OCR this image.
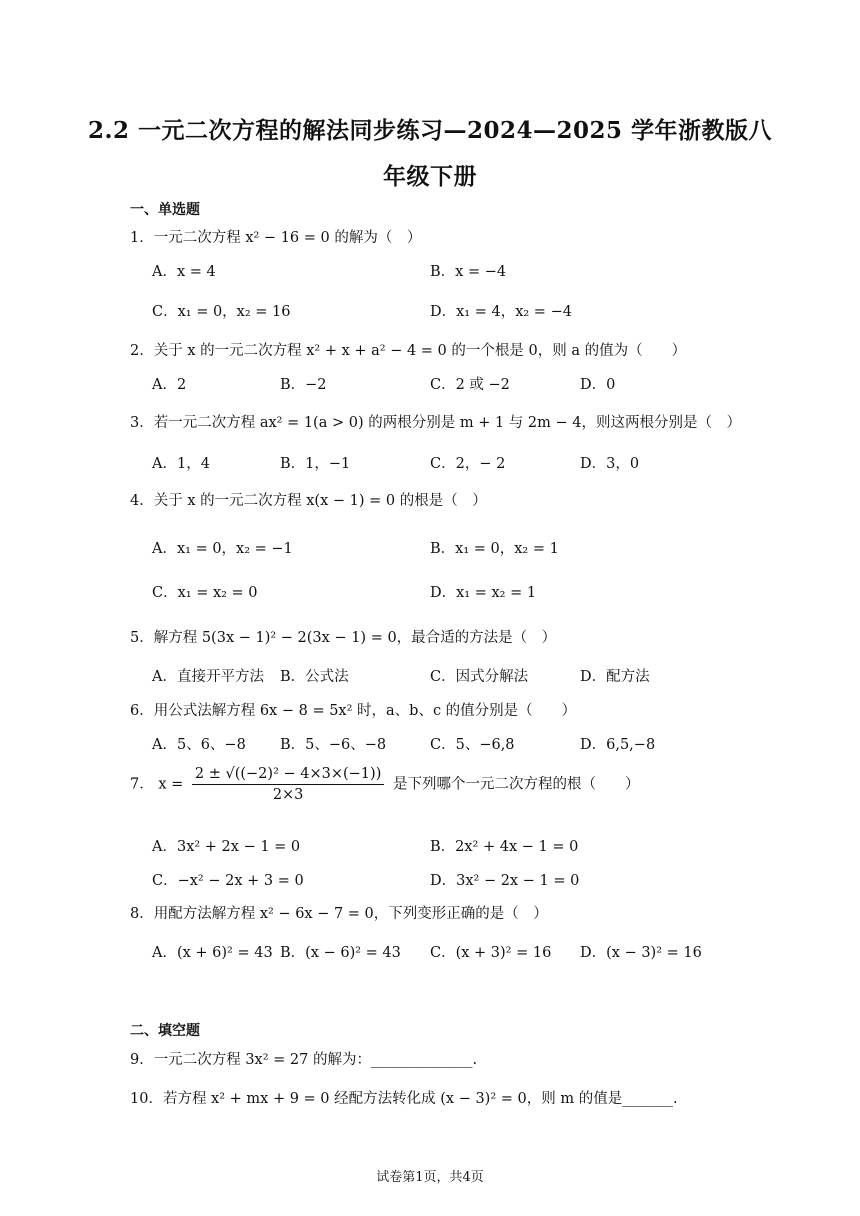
2.2 一元二次方程的解法同步练习—2024—2025 学年浙教版八
年级下册
一、单选题
1．一元二次方程 x² − 16 = 0 的解为（　）
A．x = 4	B．x = −4
C．x₁ = 0，x₂ = 16	D．x₁ = 4，x₂ = −4
2．关于 x 的一元二次方程 x² + x + a² − 4 = 0 的一个根是 0，则 a 的值为（　　）
A．2	B．−2	C．2 或 −2	D．0
3．若一元二次方程 ax² = 1(a > 0) 的两根分别是 m + 1 与 2m − 4，则这两根分别是（　）
A．1，4	B．1，−1	C．2，− 2	D．3，0
4．关于 x 的一元二次方程 x(x − 1) = 0 的根是（　）
A．x₁ = 0，x₂ = −1	B．x₁ = 0，x₂ = 1
C．x₁ = x₂ = 0	D．x₁ = x₂ = 1
5．解方程 5(3x − 1)² − 2(3x − 1) = 0，最合适的方法是（　）
A．直接开平方法 B．公式法	C．因式分解法	D．配方法
6．用公式法解方程 6x − 8 = 5x² 时，a、b、c 的值分别是（　　）
A．5、6、−8 B．5、−6、−8	C．5、−6,8	D．6,5,−8
7． $x = \frac{\text{2 ± √((−2)² − 4×3×(−1))}}{2\times 3}$ 是下列哪个一元二次方程的根（　　）
A．3x² + 2x − 1 = 0	B．2x² + 4x − 1 = 0
C．−x² − 2x + 3 = 0	D．3x² − 2x − 1 = 0
8．用配方法解方程 x² − 6x − 7 = 0，下列变形正确的是（　）
A．(x + 6)² = 43 B．(x − 6)² = 43 C．(x + 3)² = 16 D．(x − 3)² = 16
二、填空题
9．一元二次方程 3x² = 27 的解为：______________.
10．若方程 x² + mx + 9 = 0 经配方法转化成 (x − 3)² = 0，则 m 的值是_______.
试卷第1页，共4页
